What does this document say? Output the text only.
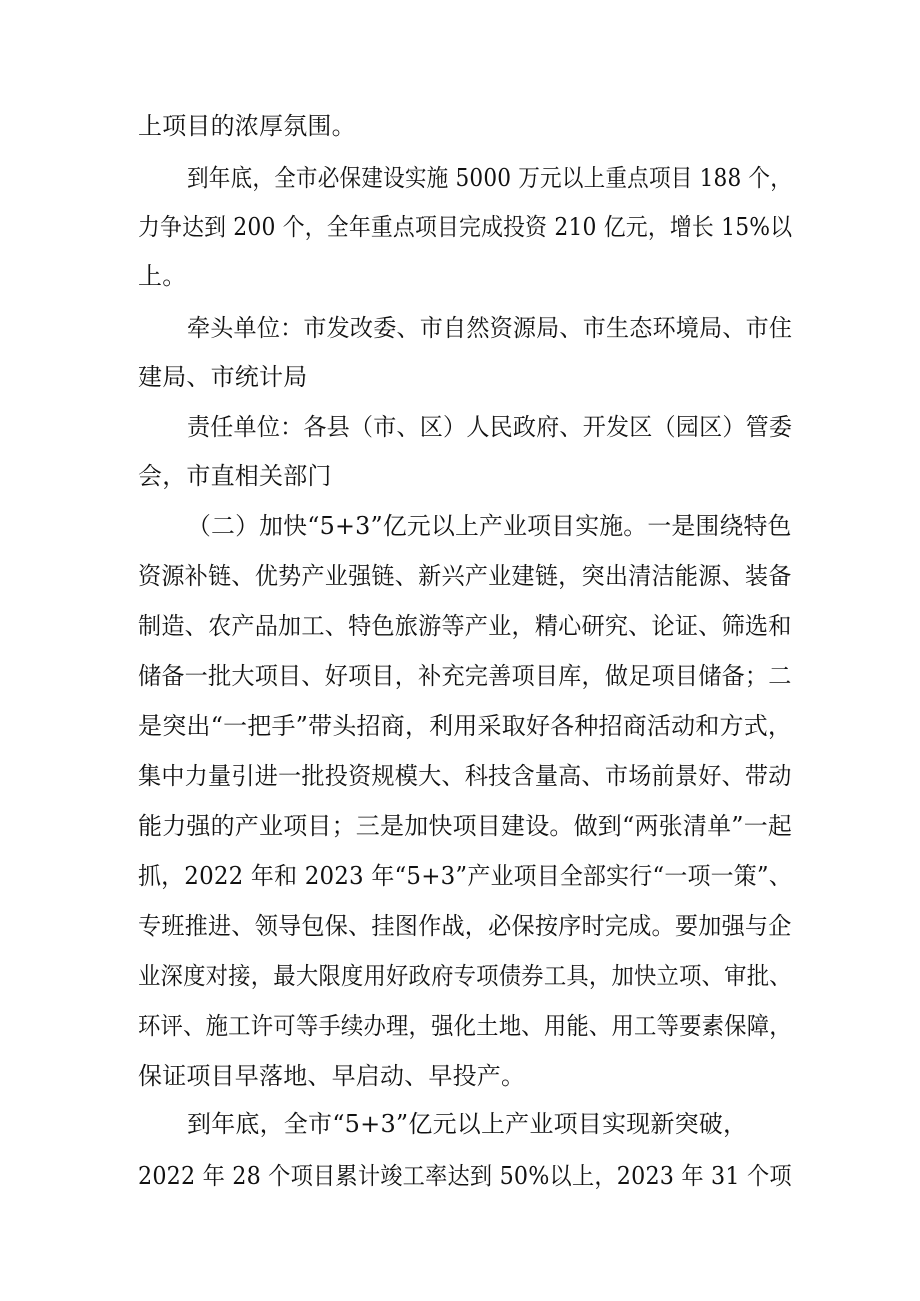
上项目的浓厚氛围。
到年底，全市必保建设实施 5000 万元以上重点项目 188 个，
力争达到 200 个，全年重点项目完成投资 210 亿元，增长 15%以
上。
牵头单位：市发改委、市自然资源局、市生态环境局、市住
建局、市统计局
责任单位：各县（市、区）人民政府、开发区（园区）管委
会，市直相关部门
（二）加快“5+3”亿元以上产业项目实施。一是围绕特色
资源补链、优势产业强链、新兴产业建链，突出清洁能源、装备
制造、农产品加工、特色旅游等产业，精心研究、论证、筛选和
储备一批大项目、好项目，补充完善项目库，做足项目储备；二
是突出“一把手”带头招商，利用采取好各种招商活动和方式，
集中力量引进一批投资规模大、科技含量高、市场前景好、带动
能力强的产业项目；三是加快项目建设。做到“两张清单”一起
抓，2022 年和 2023 年“5+3”产业项目全部实行“一项一策”、
专班推进、领导包保、挂图作战，必保按序时完成。要加强与企
业深度对接，最大限度用好政府专项债券工具，加快立项、审批、
环评、施工许可等手续办理，强化土地、用能、用工等要素保障，
保证项目早落地、早启动、早投产。
到年底，全市“5+3”亿元以上产业项目实现新突破，
2022 年 28 个项目累计竣工率达到 50%以上，2023 年 31 个项
